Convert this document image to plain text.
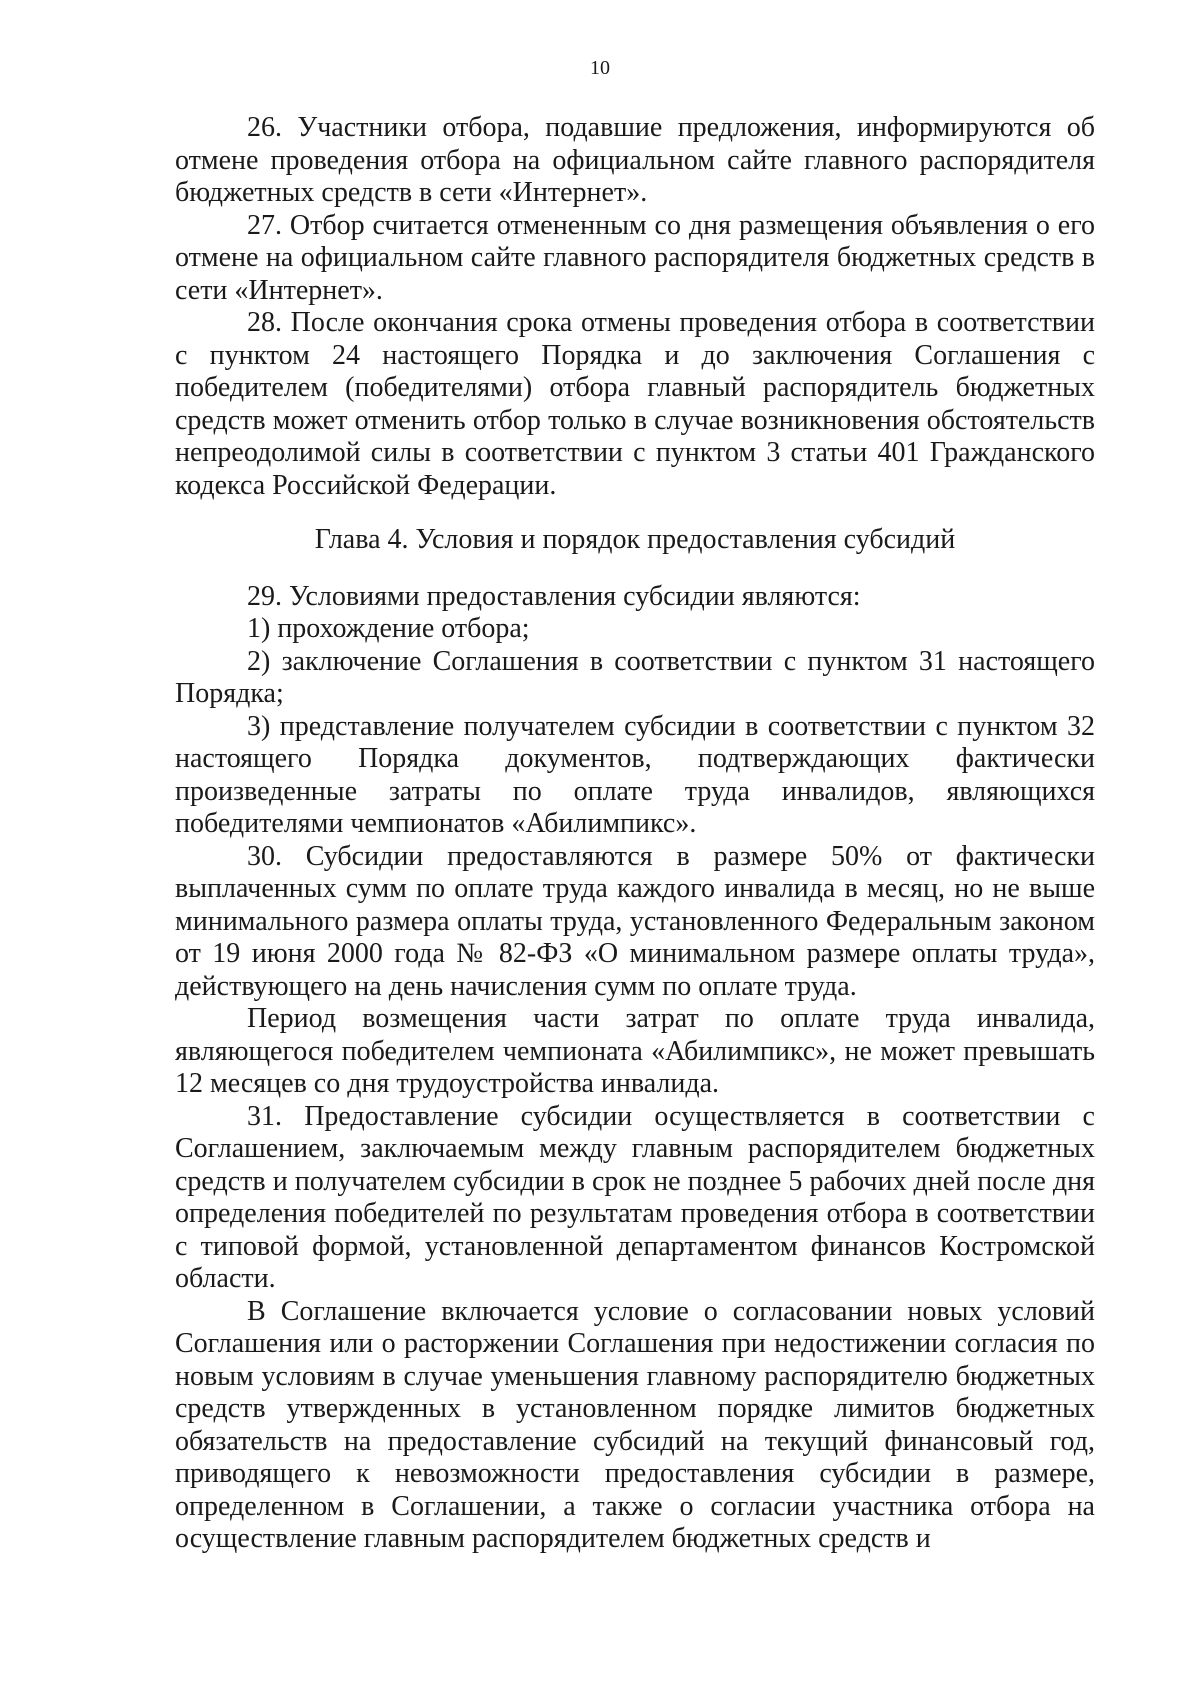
10

26. Участники отбора, подавшие предложения, информируются об отмене проведения отбора на официальном сайте главного распорядителя бюджетных средств в сети «Интернет».

27. Отбор считается отмененным со дня размещения объявления о его отмене на официальном сайте главного распорядителя бюджетных средств в сети «Интернет».

28. После окончания срока отмены проведения отбора в соответствии с пунктом 24 настоящего Порядка и до заключения Соглашения с победителем (победителями) отбора главный распорядитель бюджетных средств может отменить отбор только в случае возникновения обстоятельств непреодолимой силы в соответствии с пунктом 3 статьи 401 Гражданского кодекса Российской Федерации.

Глава 4. Условия и порядок предоставления субсидий

29. Условиями предоставления субсидии являются:

1) прохождение отбора;

2) заключение Соглашения в соответствии с пунктом 31 настоящего Порядка;

3) представление получателем субсидии в соответствии с пунктом 32 настоящего Порядка документов, подтверждающих фактически произведенные затраты по оплате труда инвалидов, являющихся победителями чемпионатов «Абилимпикс».

30. Субсидии предоставляются в размере 50% от фактически выплаченных сумм по оплате труда каждого инвалида в месяц, но не выше минимального размера оплаты труда, установленного Федеральным законом от 19 июня 2000 года № 82-ФЗ «О минимальном размере оплаты труда», действующего на день начисления сумм по оплате труда.

Период возмещения части затрат по оплате труда инвалида, являющегося победителем чемпионата «Абилимпикс», не может превышать 12 месяцев со дня трудоустройства инвалида.

31. Предоставление субсидии осуществляется в соответствии с Соглашением, заключаемым между главным распорядителем бюджетных средств и получателем субсидии в срок не позднее 5 рабочих дней после дня определения победителей по результатам проведения отбора в соответствии с типовой формой, установленной департаментом финансов Костромской области.

В Соглашение включается условие о согласовании новых условий Соглашения или о расторжении Соглашения при недостижении согласия по новым условиям в случае уменьшения главному распорядителю бюджетных средств утвержденных в установленном порядке лимитов бюджетных обязательств на предоставление субсидий на текущий финансовый год, приводящего к невозможности предоставления субсидии в размере, определенном в Соглашении, а также о согласии участника отбора на осуществление главным распорядителем бюджетных средств и
